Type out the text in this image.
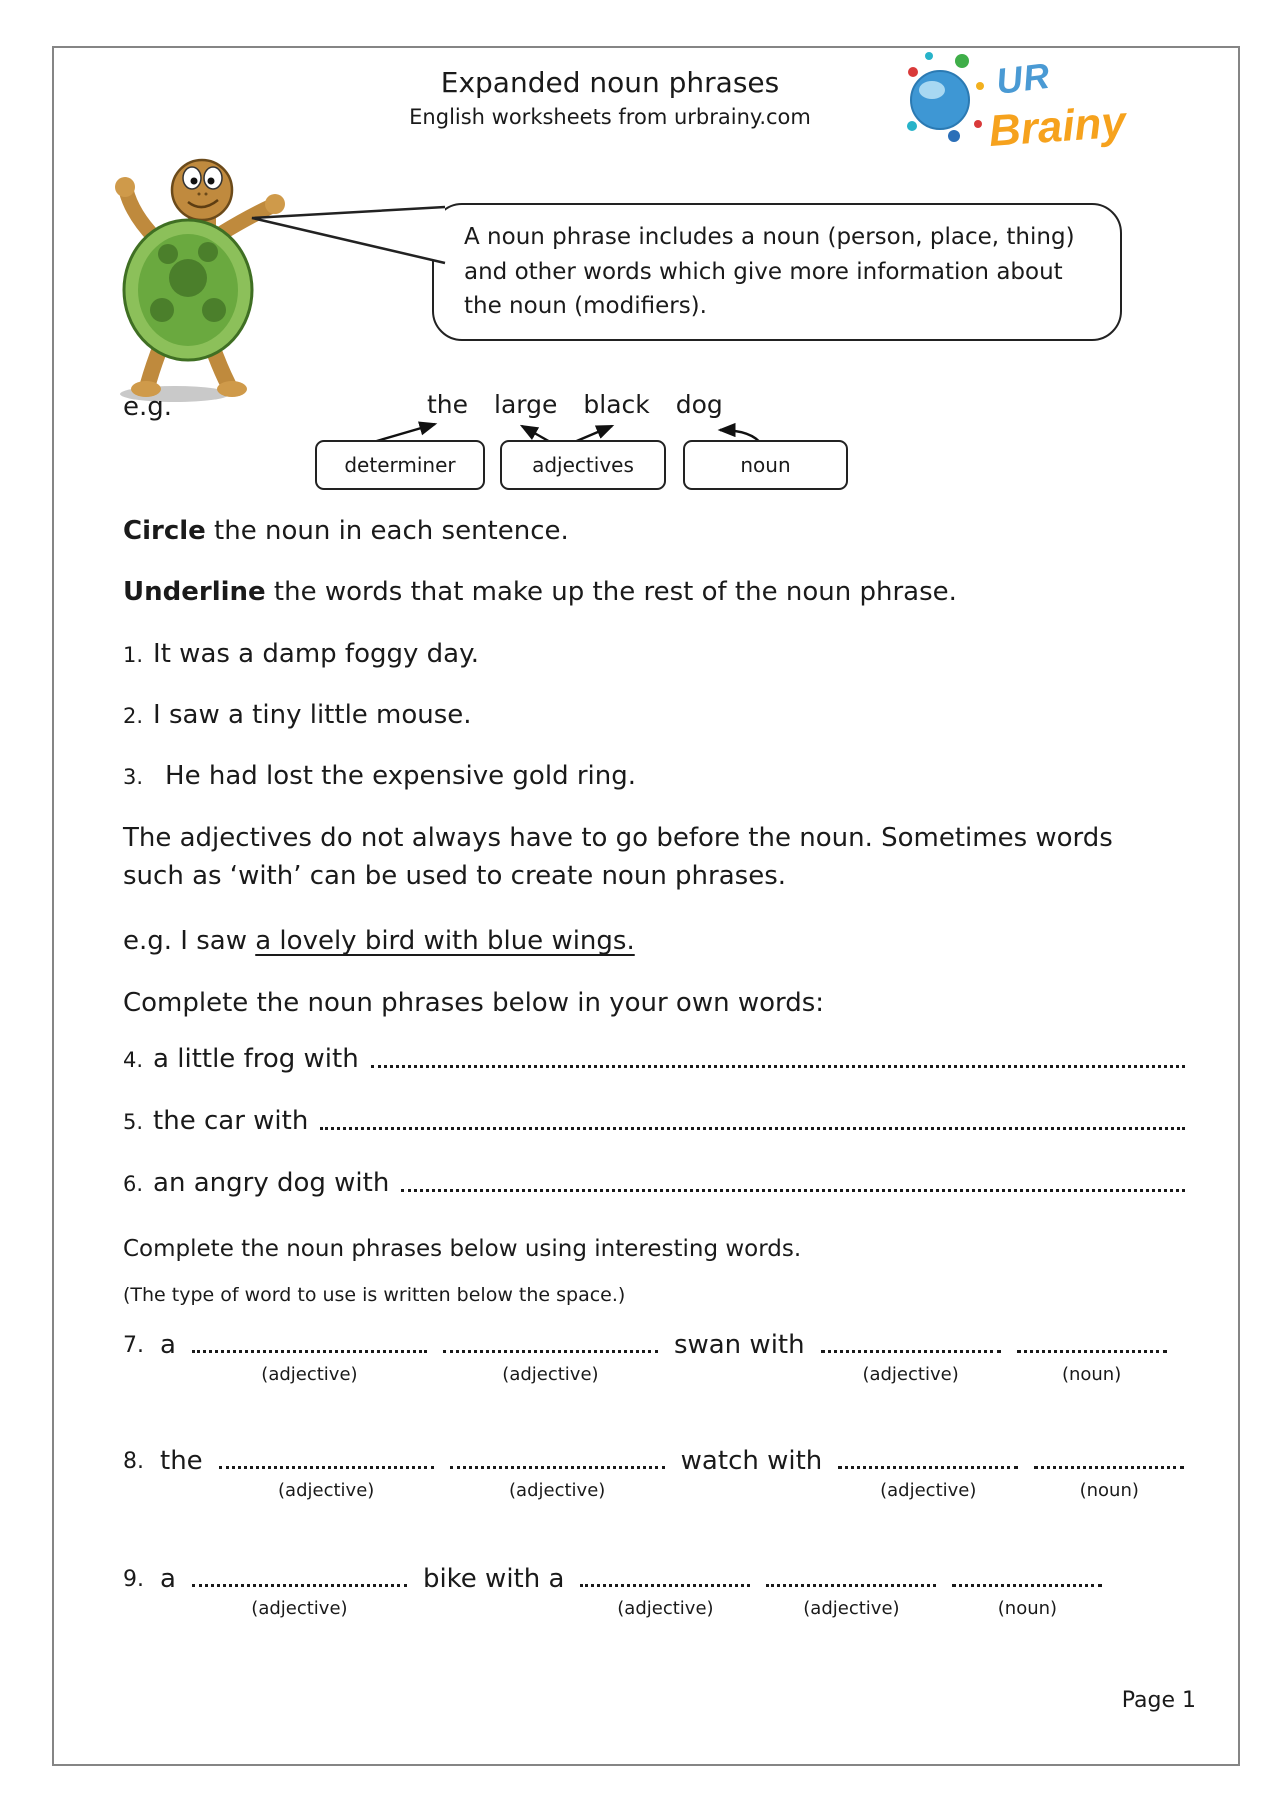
Expanded noun phrases
English worksheets from urbrainy.com
UR
Brainy
A noun phrase includes a noun (person, place, thing) and other words which give more information about the noun (modifiers).
e.g.	the large black dog
determiner	adjectives	noun
Circle the noun in each sentence.
Underline the words that make up the rest of the noun phrase.
1. It was a damp foggy day.
2. I saw a tiny little mouse.
3. He had lost the expensive gold ring.
The adjectives do not always have to go before the noun. Sometimes words such as ‘with’ can be used to create noun phrases.
e.g. I saw a lovely bird with blue wings.
Complete the noun phrases below in your own words:
4. a little frog with
5. the car with
6. an angry dog with
Complete the noun phrases below using interesting words.
(The type of word to use is written below the space.)
7. a
(adjective)	(adjective)
swan with
(adjective)	(noun)
8. the
(adjective)	(adjective)
watch with
(adjective)	(noun)
9. a
(adjective)
bike with a
(adjective)	(adjective)	(noun)
Page 1
